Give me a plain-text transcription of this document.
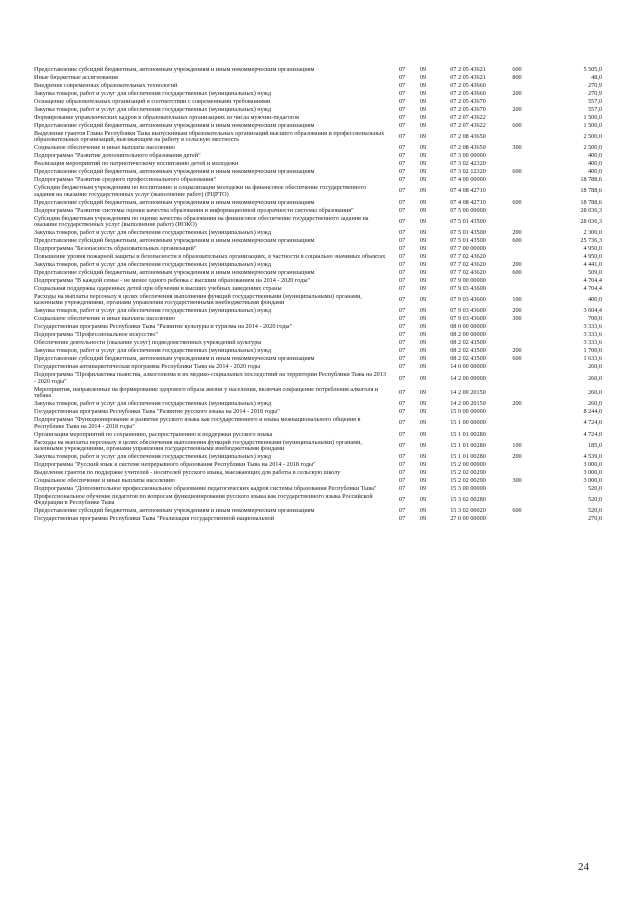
Предоставление субсидий бюджетным, автономным учреждениям и иным некоммерческим организациям	07	09	07 2 05 43621	600	5 505,0
Иные бюджетные ассигнования	07	09	07 2 05 43621	800	48,0
Внедрение современных образовательных технологий	07	09	07 2 05 43660		270,9
Закупка товаров, работ и услуг для обеспечения государственных (муниципальных) нужд	07	09	07 2 05 43660	200	270,9
Оснащение образовательных организаций в соответствии с современными требованиями	07	09	07 2 05 43670		557,0
Закупка товаров, работ и услуг для обеспечения государственных (муниципальных) нужд	07	09	07 2 05 43670	200	557,0
Формирование управленческих кадров в образовательных организациях из числа мужчин-педагогов	07	09	07 2 07 43622		1 500,0
Предоставление субсидий бюджетным, автономным учреждениям и иным некоммерческим организациям	07	09	07 2 07 43622	600	1 500,0
Выделение грантов Главы Республики Тыва выпускникам образовательных организаций высшего образования и профессиональных образовательных организаций, выезжающим на работу в сельскую местность	07	09	07 2 08 43650		2 500,0
Социальное обеспечение и иные выплаты населению	07	09	07 2 08 43650	300	2 500,0
Подпрограмма "Развитие дополнительного образования детей"	07	09	07 3 00 00000		400,0
Реализация мероприятий по патриотическому воспитанию детей и молодежи	07	09	07 3 02 42320		400,0
Предоставление субсидий бюджетным, автономным учреждениям и иным некоммерческим организациям	07	09	07 3 02 12320	600	400,0
Подпрограмма "Развитие среднего профессионального образования"	07	09	07 4 00 00000		18 788,6
Субсидии бюджетным учреждениям по воспитанию и социализации молодежи на финансовое обеспечение государственного задания на оказание государственных услуг (выполнение работ) (РЦРТО)	07	09	07 4 08 42710		18 788,6
Предоставление субсидий бюджетным, автономным учреждениям и иным некоммерческим организациям	07	09	07 4 08 42710	600	18 788,6
Подпрограмма "Развитие системы оценки качества образования и информационной прозрачности системы образования"	07	09	07 5 00 00000		28 036,3
Субсидии бюджетным учреждениям по оценке качества образования на финансовое обеспечение государственного задания на оказание государственных услуг (выполнение работ) (ИОКО)	07	09	07 5 01 43500		28 036,3
Закупка товаров, работ и услуг для обеспечения государственных (муниципальных) нужд	07	09	07 5 01 43500	200	2 300,0
Предоставление субсидий бюджетным, автономным учреждениям и иным некоммерческим организациям	07	09	07 5 01 43500	600	25 736,3
Подпрограмма "Безопасность образовательных организаций"	07	09	07 7 00 00000		4 950,0
Повышение уровня пожарной защиты и безопасности в образовательных организациях, в частности в социально значимых объектах	07	09	07 7 02 43620		4 950,0
Закупка товаров, работ и услуг для обеспечения государственных (муниципальных) нужд	07	09	07 7 02 43620	200	4 441,0
Предоставление субсидий бюджетным, автономным учреждениям и иным некоммерческим организациям	07	09	07 7 02 43620	600	509,0
Подпрограмма "В каждой семье - не менее одного ребенка с высшим образованием на 2014 - 2020 годы"	07	09	07 9 00 00000		4 704,4
Социальная поддержка одаренных детей при обучении в высших учебных заведениях страны	07	09	07 9 03 43600		4 704,4
Расходы на выплаты персоналу в целях обеспечения выполнения функций государственными (муниципальными) органами, казенными учреждениями, органами управления государственными внебюджетными фондами	07	09	07 9 03 43600	100	400,0
Закупка товаров, работ и услуг для обеспечения государственных (муниципальных) нужд	07	09	07 9 03 43600	200	3 604,4
Социальное обеспечение и иные выплаты населению	07	09	07 9 03 43600	300	700,0
Государственная программа Республики Тыва "Развитие культуры и туризма на 2014 - 2020 годы"	07	09	08 0 00 00000		3 333,6
Подпрограмма "Профессиональное искусство"	07	09	08 2 00 00000		3 333,6
Обеспечение деятельности (оказание услуг) подведомственных учреждений культуры	07	09	08 2 02 43500		3 333,6
Закупка товаров, работ и услуг для обеспечения государственных (муниципальных) нужд	07	09	08 2 02 43500	200	1 700,0
Предоставление субсидий бюджетным, автономным учреждениям и иным некоммерческим организациям	07	09	08 2 02 43500	600	1 633,6
Государственная антинаркотическая программа Республики Тыва на 2014 - 2020 годы	07	09	14 0 00 00000		260,0
Подпрограмма "Профилактика пьянства, алкоголизма и их медико-социальных последствий на территории Республики Тыва на 2013 - 2020 годы"	07	09	14 2 00 00000		260,0
Мероприятия, направленные на формирование здорового образа жизни у населения, включая сокращение потребления алкоголя и табака	07	09	14 2 00 20150		260,0
Закупка товаров, работ и услуг для обеспечения государственных (муниципальных) нужд	07	09	14 2 00 20150	200	260,0
Государственная программа Республики Тыва "Развитие русского языка на 2014 - 2018 годы"	07	09	15 0 00 00000		8 244,0
Подпрограмма "Функционирование и развитие русского языка как государственного и языка межнационального общения в Республике Тыва на 2014 - 2018 годы"	07	09	15 1 00 00000		4 724,0
Организация мероприятий по сохранению, распространению и поддержки русского языка	07	09	15 1 01 00280		4 724,0
Расходы на выплаты персоналу в целях обеспечения выполнения функций государственными (муниципальными) органами, казенными учреждениями, органами управления государственными внебюджетными фондами	07	09	15 1 01 00280	100	185,0
Закупка товаров, работ и услуг для обеспечения государственных (муниципальных) нужд	07	09	15 1 01 00280	200	4 539,0
Подпрограмма "Русский язык в системе непрерывного образования Республики Тыва на 2014 - 2018 годы"	07	09	15 2 00 00000		3 000,0
Выделение грантов по поддержке учителей - носителей русского языка, выезжающих для работы в сельскую школу	07	09	15 2 02 00290		3 000,0
Социальное обеспечение и иные выплаты населению	07	09	15 2 02 00290	300	3 000,0
Подпрограмма "Дополнительное профессиональное образование педагогических кадров системы образования Республики Тыва"	07	09	15 3 00 00000		520,0
Профессиональное обучение педагогов по вопросам функционирования русского языка как государственного языка Российской Федерации в Республике Тыва	07	09	15 3 02 00280		520,0
Предоставление субсидий бюджетным, автономным учреждениям и иным некоммерческим организациям	07	09	15 3 02 00020	600	520,0
Государственная программа Республики Тыва "Реализация государственной национальной	07	09	27 0 00 00000		270,0
24
